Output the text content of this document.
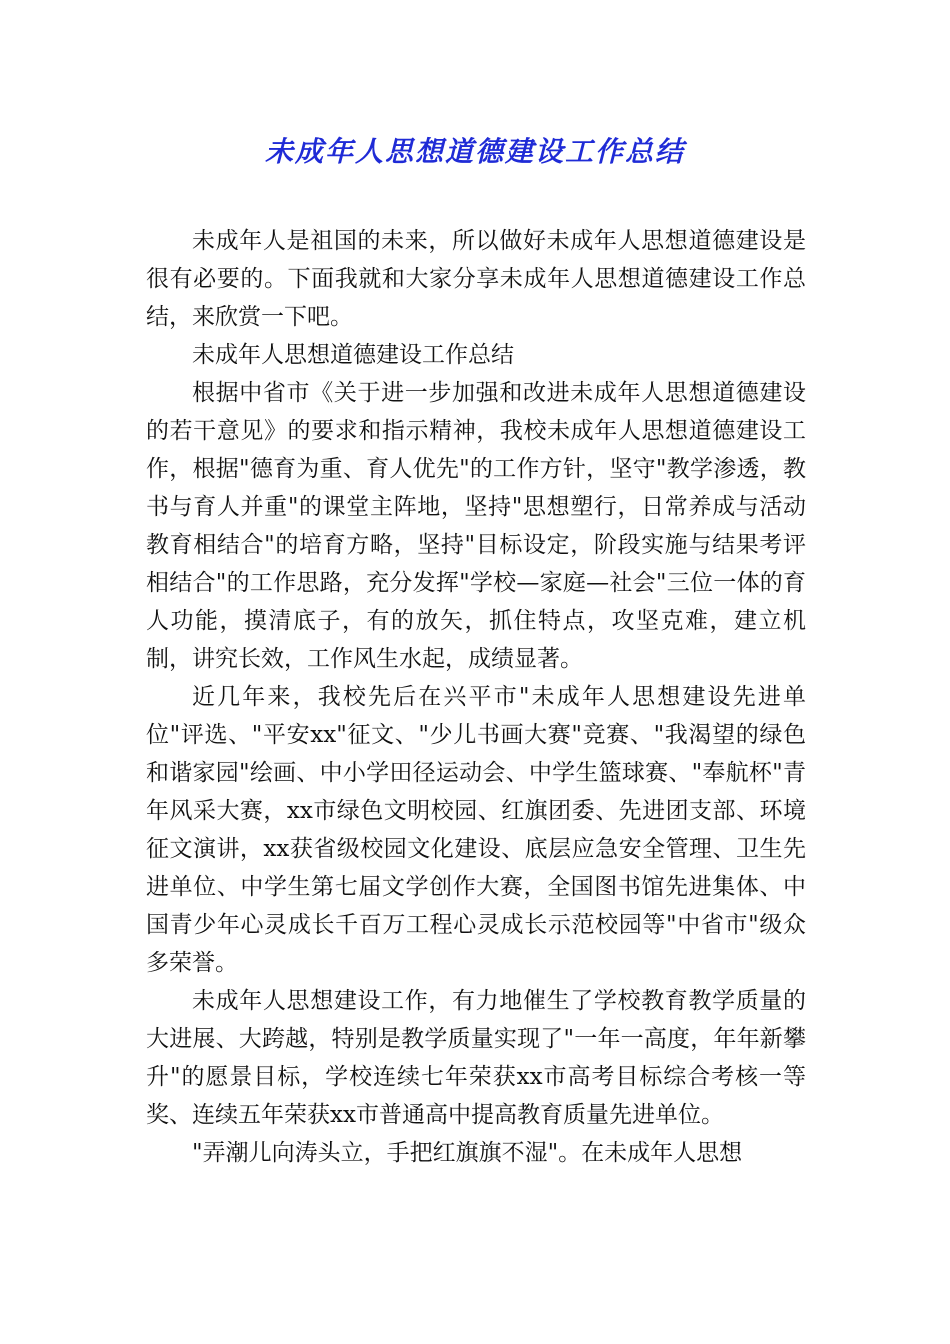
未成年人思想道德建设工作总结

未成年人是祖国的未来，所以做好未成年人思想道德建设是很有必要的。下面我就和大家分享未成年人思想道德建设工作总结，来欣赏一下吧。

未成年人思想道德建设工作总结

根据中省市《关于进一步加强和改进未成年人思想道德建设的若干意见》的要求和指示精神，我校未成年人思想道德建设工作，根据"德育为重、育人优先"的工作方针，坚守"教学渗透，教书与育人并重"的课堂主阵地，坚持"思想塑行，日常养成与活动教育相结合"的培育方略，坚持"目标设定，阶段实施与结果考评相结合"的工作思路，充分发挥"学校—家庭—社会"三位一体的育人功能，摸清底子，有的放矢，抓住特点，攻坚克难，建立机制，讲究长效，工作风生水起，成绩显著。

近几年来，我校先后在兴平市"未成年人思想建设先进单位"评选、"平安xx"征文、"少儿书画大赛"竞赛、"我渴望的绿色和谐家园"绘画、中小学田径运动会、中学生篮球赛、"奉航杯"青年风采大赛，xx市绿色文明校园、红旗团委、先进团支部、环境征文演讲，xx获省级校园文化建设、底层应急安全管理、卫生先进单位、中学生第七届文学创作大赛，全国图书馆先进集体、中国青少年心灵成长千百万工程心灵成长示范校园等"中省市"级众多荣誉。

未成年人思想建设工作，有力地催生了学校教育教学质量的大进展、大跨越，特别是教学质量实现了"一年一高度，年年新攀升"的愿景目标，学校连续七年荣获xx市高考目标综合考核一等奖、连续五年荣获xx市普通高中提高教育质量先进单位。

"弄潮儿向涛头立，手把红旗旗不湿"。在未成年人思想
